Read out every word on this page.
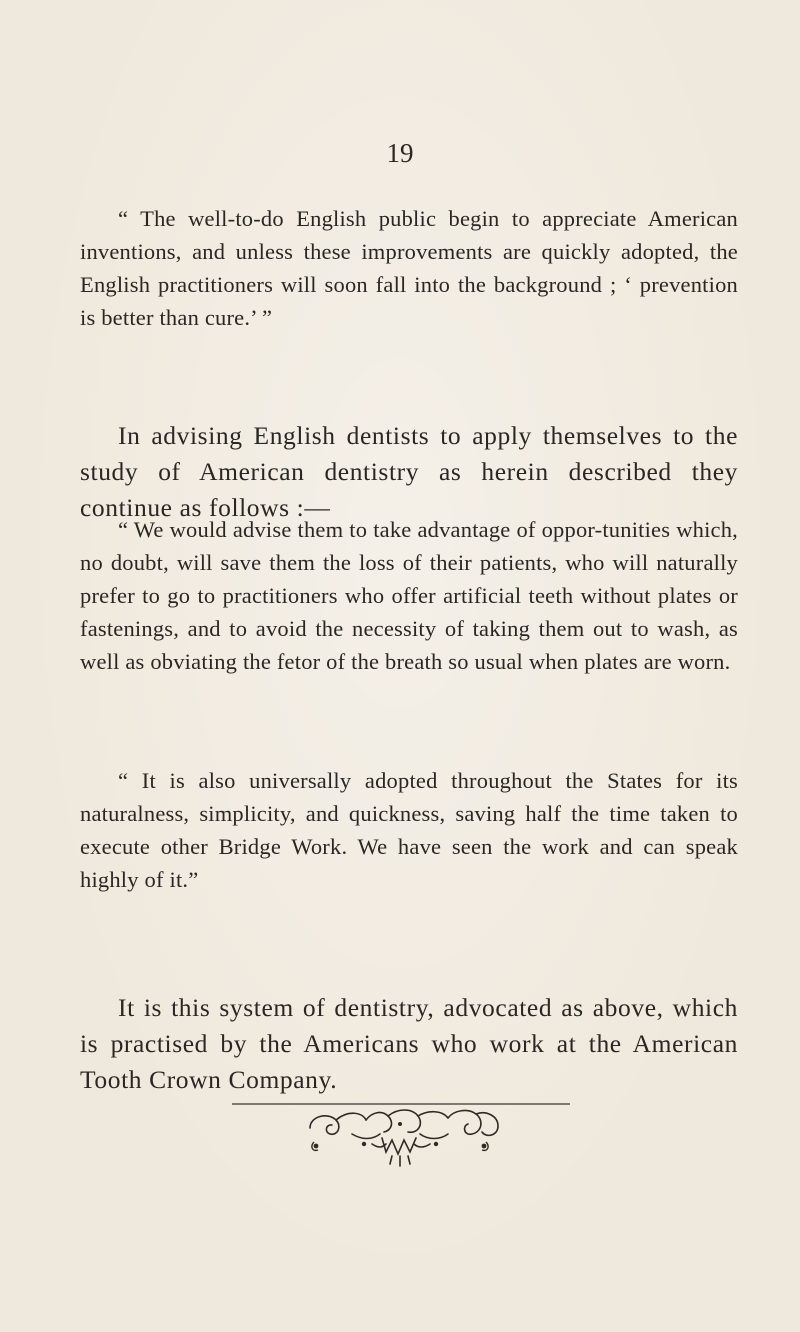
19

“ The well-to-do English public begin to appreciate American inventions, and unless these improvements are quickly adopted, the English practitioners will soon fall into the background ; ‘ prevention is better than cure.’ ”

In advising English dentists to apply themselves to the study of American dentistry as herein described they continue as follows :—

“ We would advise them to take advantage of oppor-tunities which, no doubt, will save them the loss of their patients, who will naturally prefer to go to practitioners who offer artificial teeth without plates or fastenings, and to avoid the necessity of taking them out to wash, as well as obviating the fetor of the breath so usual when plates are worn.

“ It is also universally adopted throughout the States for its naturalness, simplicity, and quickness, saving half the time taken to execute other Bridge Work. We have seen the work and can speak highly of it.”

It is this system of dentistry, advocated as above, which is practised by the Americans who work at the American Tooth Crown Company.
